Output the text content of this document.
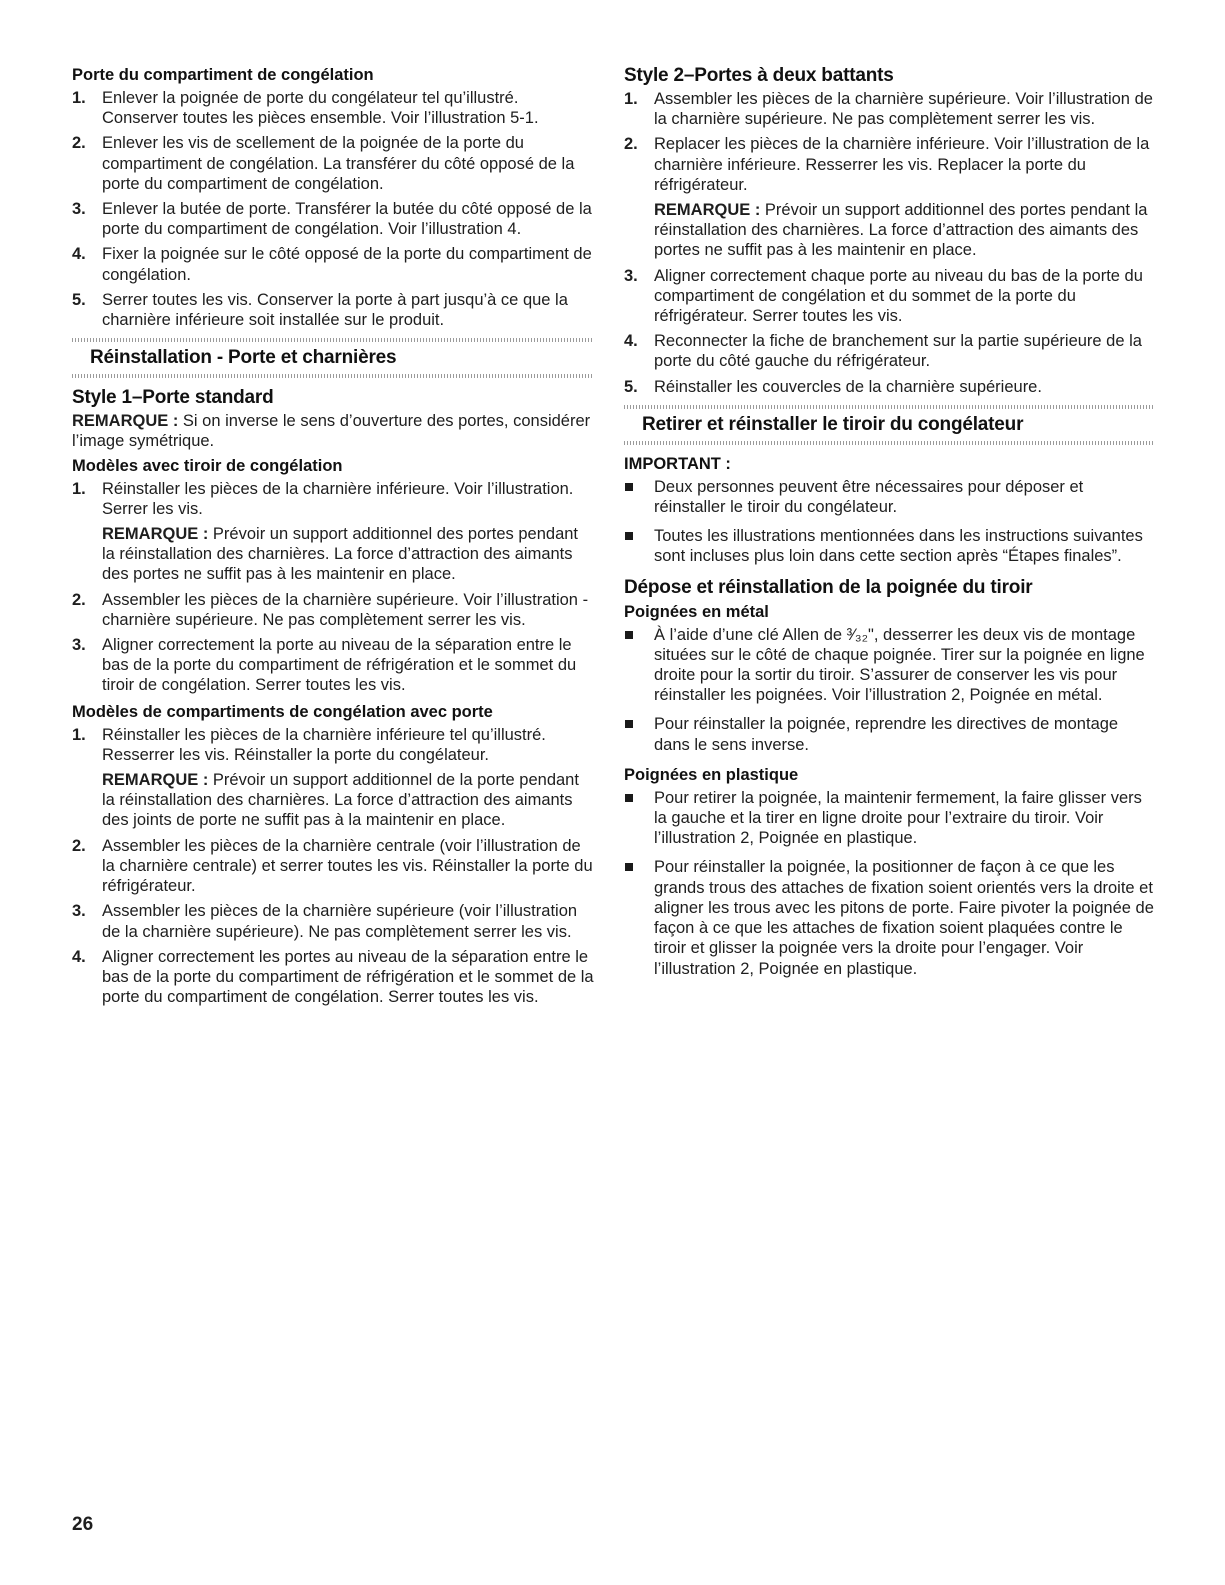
Porte du compartiment de congélation
1. Enlever la poignée de porte du congélateur tel qu’illustré. Conserver toutes les pièces ensemble. Voir l’illustration 5-1.
2. Enlever les vis de scellement de la poignée de la porte du compartiment de congélation. La transférer du côté opposé de la porte du compartiment de congélation.
3. Enlever la butée de porte. Transférer la butée du côté opposé de la porte du compartiment de congélation. Voir l’illustration 4.
4. Fixer la poignée sur le côté opposé de la porte du compartiment de congélation.
5. Serrer toutes les vis. Conserver la porte à part jusqu’à ce que la charnière inférieure soit installée sur le produit.
Réinstallation - Porte et charnières
Style 1–Porte standard
REMARQUE : Si on inverse le sens d’ouverture des portes, considérer l’image symétrique.
Modèles avec tiroir de congélation
1. Réinstaller les pièces de la charnière inférieure. Voir l’illustration. Serrer les vis.
REMARQUE : Prévoir un support additionnel des portes pendant la réinstallation des charnières. La force d’attraction des aimants des portes ne suffit pas à les maintenir en place.
2. Assembler les pièces de la charnière supérieure. Voir l’illustration - charnière supérieure. Ne pas complètement serrer les vis.
3. Aligner correctement la porte au niveau de la séparation entre le bas de la porte du compartiment de réfrigération et le sommet du tiroir de congélation. Serrer toutes les vis.
Modèles de compartiments de congélation avec porte
1. Réinstaller les pièces de la charnière inférieure tel qu’illustré. Resserrer les vis. Réinstaller la porte du congélateur.
REMARQUE : Prévoir un support additionnel de la porte pendant la réinstallation des charnières. La force d’attraction des aimants des joints de porte ne suffit pas à la maintenir en place.
2. Assembler les pièces de la charnière centrale (voir l’illustration de la charnière centrale) et serrer toutes les vis. Réinstaller la porte du réfrigérateur.
3. Assembler les pièces de la charnière supérieure (voir l’illustration de la charnière supérieure). Ne pas complètement serrer les vis.
4. Aligner correctement les portes au niveau de la séparation entre le bas de la porte du compartiment de réfrigération et le sommet de la porte du compartiment de congélation. Serrer toutes les vis.
Style 2–Portes à deux battants
1. Assembler les pièces de la charnière supérieure. Voir l’illustration de la charnière supérieure. Ne pas complètement serrer les vis.
2. Replacer les pièces de la charnière inférieure. Voir l’illustration de la charnière inférieure. Resserrer les vis. Replacer la porte du réfrigérateur.
REMARQUE : Prévoir un support additionnel des portes pendant la réinstallation des charnières. La force d’attraction des aimants des portes ne suffit pas à les maintenir en place.
3. Aligner correctement chaque porte au niveau du bas de la porte du compartiment de congélation et du sommet de la porte du réfrigérateur. Serrer toutes les vis.
4. Reconnecter la fiche de branchement sur la partie supérieure de la porte du côté gauche du réfrigérateur.
5. Réinstaller les couvercles de la charnière supérieure.
Retirer et réinstaller le tiroir du congélateur
IMPORTANT :
Deux personnes peuvent être nécessaires pour déposer et réinstaller le tiroir du congélateur.
Toutes les illustrations mentionnées dans les instructions suivantes sont incluses plus loin dans cette section après “Étapes finales”.
Dépose et réinstallation de la poignée du tiroir
Poignées en métal
À l’aide d’une clé Allen de ³⁄₃₂", desserrer les deux vis de montage situées sur le côté de chaque poignée. Tirer sur la poignée en ligne droite pour la sortir du tiroir. S’assurer de conserver les vis pour réinstaller les poignées. Voir l’illustration 2, Poignée en métal.
Pour réinstaller la poignée, reprendre les directives de montage dans le sens inverse.
Poignées en plastique
Pour retirer la poignée, la maintenir fermement, la faire glisser vers la gauche et la tirer en ligne droite pour l’extraire du tiroir. Voir l’illustration 2, Poignée en plastique.
Pour réinstaller la poignée, la positionner de façon à ce que les grands trous des attaches de fixation soient orientés vers la droite et aligner les trous avec les pitons de porte. Faire pivoter la poignée de façon à ce que les attaches de fixation soient plaquées contre le tiroir et glisser la poignée vers la droite pour l’engager. Voir l’illustration 2, Poignée en plastique.
26
